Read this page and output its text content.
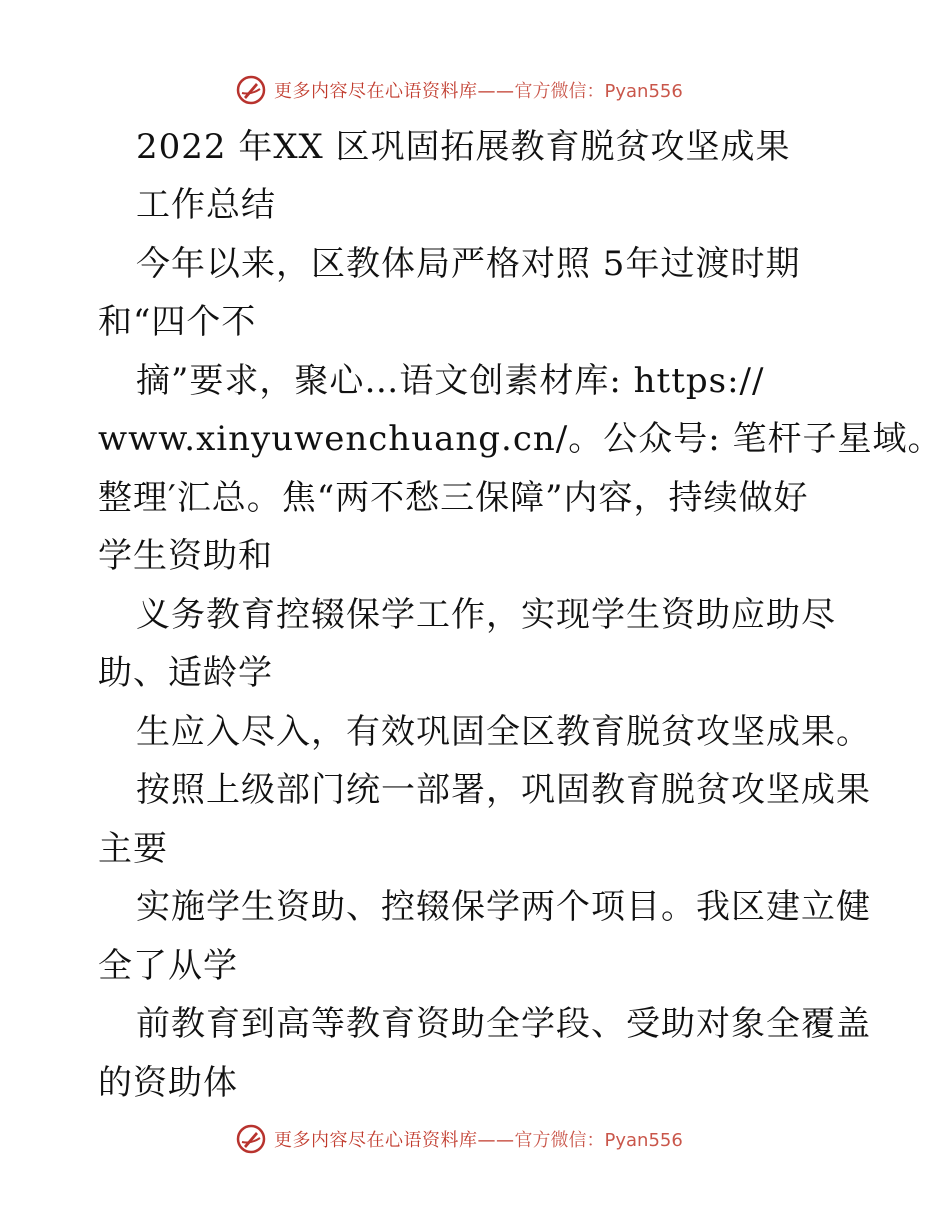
更多内容尽在心语资料库—— 官方微信：Pyan556
2022 年XX 区巩固拓展教育脱贫攻坚成果
工作总结
今年以来，区教体局严格对照 5年过渡时期
和“四个不
摘”要求，聚心…语文创素材库: https://
www.xinyuwenchuang.cn/。公众号: 笔杆子星域。
整理′汇总。焦“两不愁三保障”内容，持续做好
学生资助和
义务教育控辍保学工作，实现学生资助应助尽
助、适龄学
生应入尽入，有效巩固全区教育脱贫攻坚成果。
按照上级部门统一部署，巩固教育脱贫攻坚成果
主要
实施学生资助、控辍保学两个项目。我区建立健
全了从学
前教育到高等教育资助全学段、受助对象全覆盖
的资助体
更多内容尽在心语资料库—— 官方微信：Pyan556
